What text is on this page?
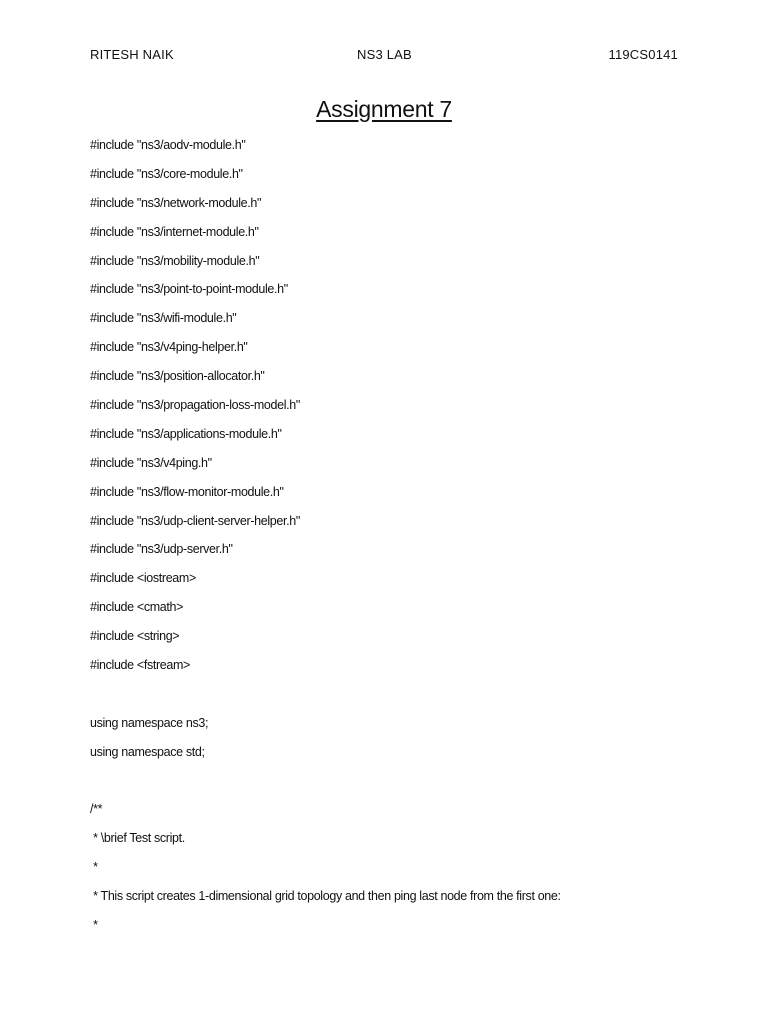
RITESH NAIK	NS3 LAB	119CS0141
Assignment 7
#include "ns3/aodv-module.h"
#include "ns3/core-module.h"
#include "ns3/network-module.h"
#include "ns3/internet-module.h"
#include "ns3/mobility-module.h"
#include "ns3/point-to-point-module.h"
#include "ns3/wifi-module.h"
#include "ns3/v4ping-helper.h"
#include "ns3/position-allocator.h"
#include "ns3/propagation-loss-model.h"
#include "ns3/applications-module.h"
#include "ns3/v4ping.h"
#include "ns3/flow-monitor-module.h"
#include "ns3/udp-client-server-helper.h"
#include "ns3/udp-server.h"
#include <iostream>
#include <cmath>
#include <string>
#include <fstream>
using namespace ns3;
using namespace std;
/**
* \brief Test script.
*
* This script creates 1-dimensional grid topology and then ping last node from the first one:
*
